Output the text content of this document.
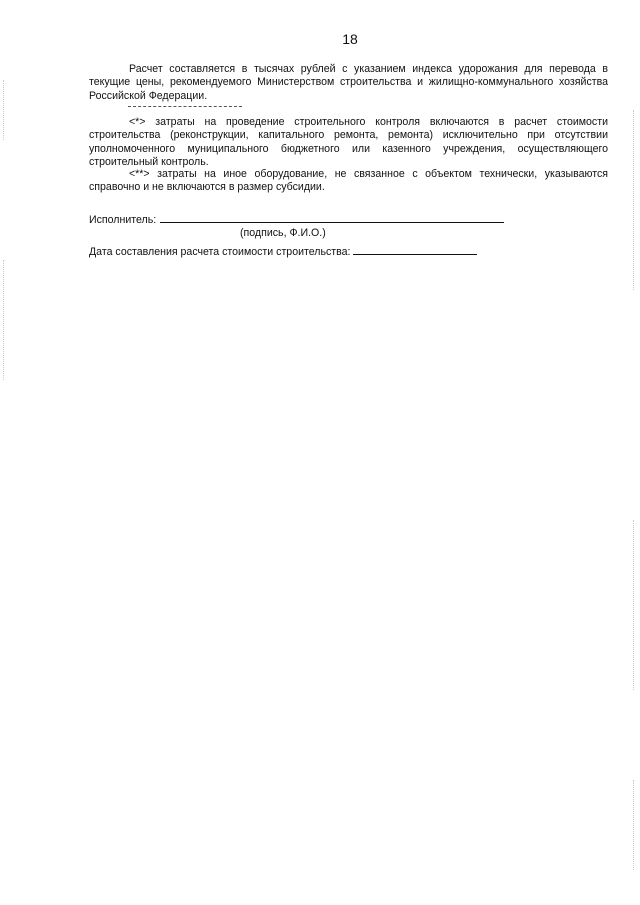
18

Расчет составляется в тысячах рублей с указанием индекса удорожания для перевода в текущие цены, рекомендуемого Министерством строительства и жилищно-коммунального хозяйства Российской Федерации.

<*> затраты на проведение строительного контроля включаются в расчет стоимости строительства (реконструкции, капитального ремонта, ремонта) исключительно при отсутствии уполномоченного муниципального бюджетного или казенного учреждения, осуществляющего строительный контроль.

<**> затраты на иное оборудование, не связанное с объектом технически, указываются справочно и не включаются в размер субсидии.

Исполнитель:
(подпись, Ф.И.О.)
Дата составления расчета стоимости строительства:
